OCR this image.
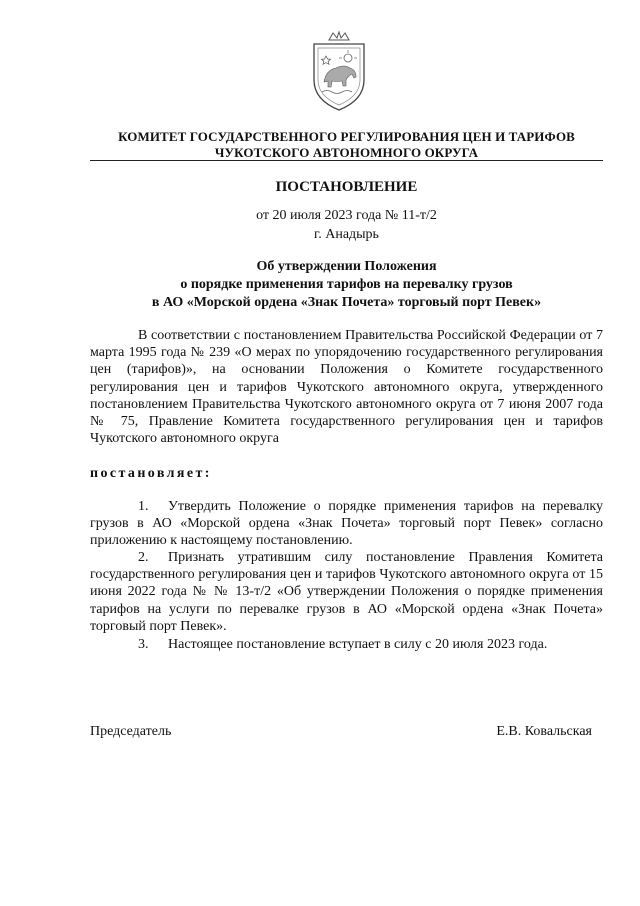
КОМИТЕТ ГОСУДАРСТВЕННОГО РЕГУЛИРОВАНИЯ ЦЕН И ТАРИФОВ
ЧУКОТСКОГО АВТОНОМНОГО ОКРУГА
ПОСТАНОВЛЕНИЕ
от 20 июля 2023 года № 11-т/2
г. Анадырь
Об утверждении Положения
о порядке применения тарифов на перевалку грузов
в АО «Морской ордена «Знак Почета» торговый порт Певек»
В соответствии с постановлением Правительства Российской Федерации от 7 марта 1995 года № 239 «О мерах по упорядочению государственного регулирования цен (тарифов)», на основании Положения о Комитете государственного регулирования цен и тарифов Чукотского автономного округа, утвержденного постановлением Правительства Чукотского автономного округа от 7 июня 2007 года № 75, Правление Комитета государственного регулирования цен и тарифов Чукотского автономного округа
постановляет:
1. Утвердить Положение о порядке применения тарифов на перевалку грузов в АО «Морской ордена «Знак Почета» торговый порт Певек» согласно приложению к настоящему постановлению.
2. Признать утратившим силу постановление Правления Комитета государственного регулирования цен и тарифов Чукотского автономного округа от 15 июня 2022 года № № 13-т/2 «Об утверждении Положения о порядке применения тарифов на услуги по перевалке грузов в АО «Морской ордена «Знак Почета» торговый порт Певек».
3. Настоящее постановление вступает в силу с 20 июля 2023 года.
Председатель	Е.В. Ковальская
